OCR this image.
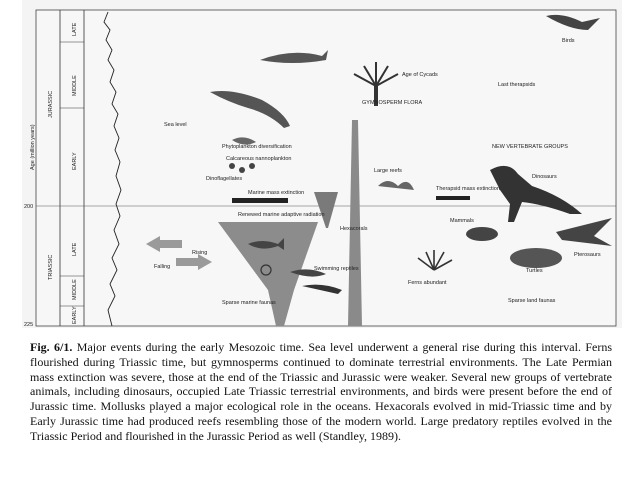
JURASSIC
TRIASSIC
LATE
MIDDLE
EARLY
LATE
MIDDLE
EARLY
Age (million years)
200
225
Birds
Age of Cycads
Last therapsids
Sea level
GYMNOSPERM FLORA
Phytoplankton diversification
Calcareous nannoplankton
Dinoflagellates
Large reefs
NEW VERTEBRATE GROUPS
Dinosaurs
Marine mass extinction
Therapsid mass extinction
Renewed marine adaptive radiation
Hexacorals
Mammals
Rising
Falling	Swimming reptiles
Pterosaurs
Turtles
Ferns abundant
Sparse marine faunas	Sparse land faunas
Fig. 6/1. Major events during the early Mesozoic time. Sea level underwent a general rise during this interval. Ferns flourished during Triassic time, but gymnosperms continued to dominate terrestrial environments. The Late Permian mass extinction was severe, those at the end of the Triassic and Jurassic were weaker. Several new groups of vertebrate animals, including dinosaurs, occupied Late Triassic terrestrial environments, and birds were present before the end of Jurassic time. Mollusks played a major ecological role in the oceans. Hexacorals evolved in mid-Triassic time and by Early Jurassic time had produced reefs resembling those of the modern world. Large predatory reptiles evolved in the Triassic Period and flourished in the Jurassic Period as well (Standley, 1989).
